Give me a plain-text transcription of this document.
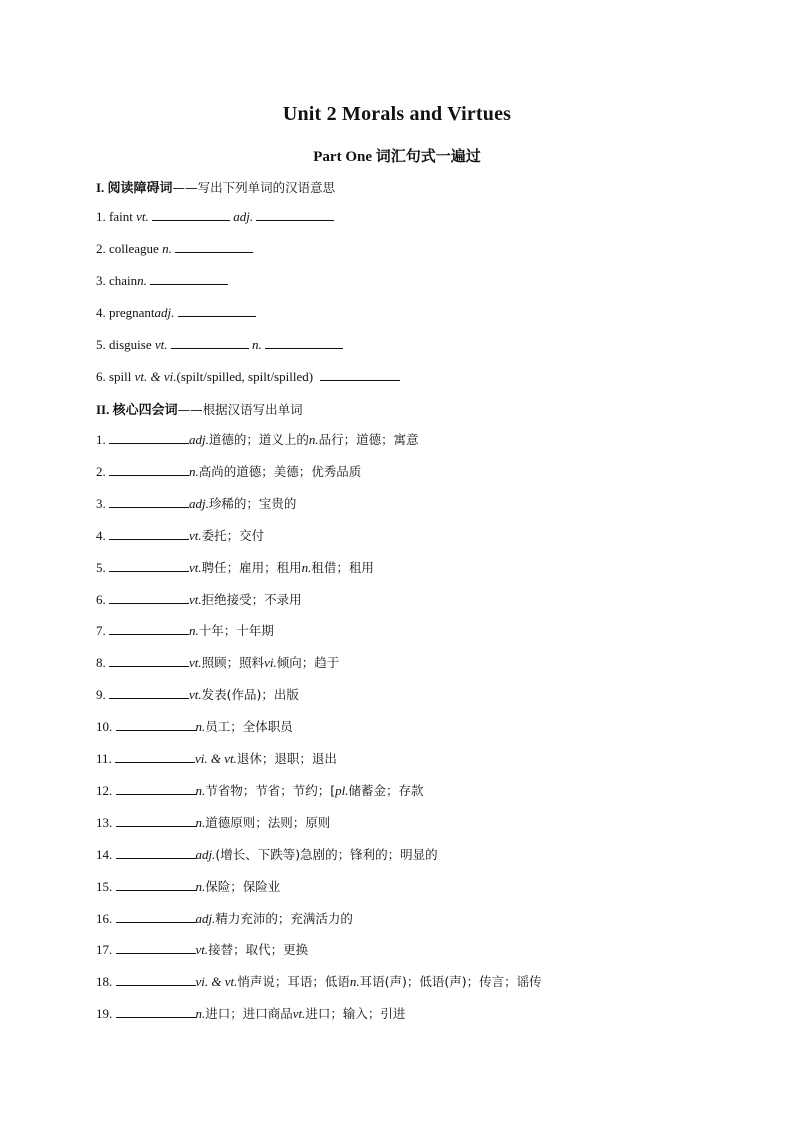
Unit 2 Morals and Virtues
Part One 词汇句式一遍过
I. 阅读障碍词——写出下列单词的汉语意思
1. faint vt.	adj.
2. colleague n.
3. chainn.
4. pregnantadj.
5. disguise vt.	n.
6. spill vt. & vi.(spilt/spilled, spilt/spilled)
II. 核心四会词——根据汉语写出单词
1.	adj.道德的；道义上的n.品行；道德；寓意
2.	n.高尚的道德；美德；优秀品质
3.	adj.珍稀的；宝贵的
4.	vt.委托；交付
5.	vt.聘任；雇用；租用n.租借；租用
6.	vt.拒绝接受；不录用
7.	n.十年；十年期
8.	vt.照顾；照料vi.倾向；趋于
9.	vt.发表(作品)；出版
10.	n.员工；全体职员
11.	vi. & vt.退休；退职；退出
12.	n.节省物；节省；节约；[pl.储蓄金；存款
13.	n.道德原则；法则；原则
14.	adj.(增长、下跌等)急剧的；锋利的；明显的
15.	n.保险；保险业
16.	adj.精力充沛的；充满活力的
17.	vt.接替；取代；更换
18.	vi. & vt.悄声说；耳语；低语n.耳语(声)；低语(声)；传言；谣传
19.	n.进口；进口商品vt.进口；输入；引进
